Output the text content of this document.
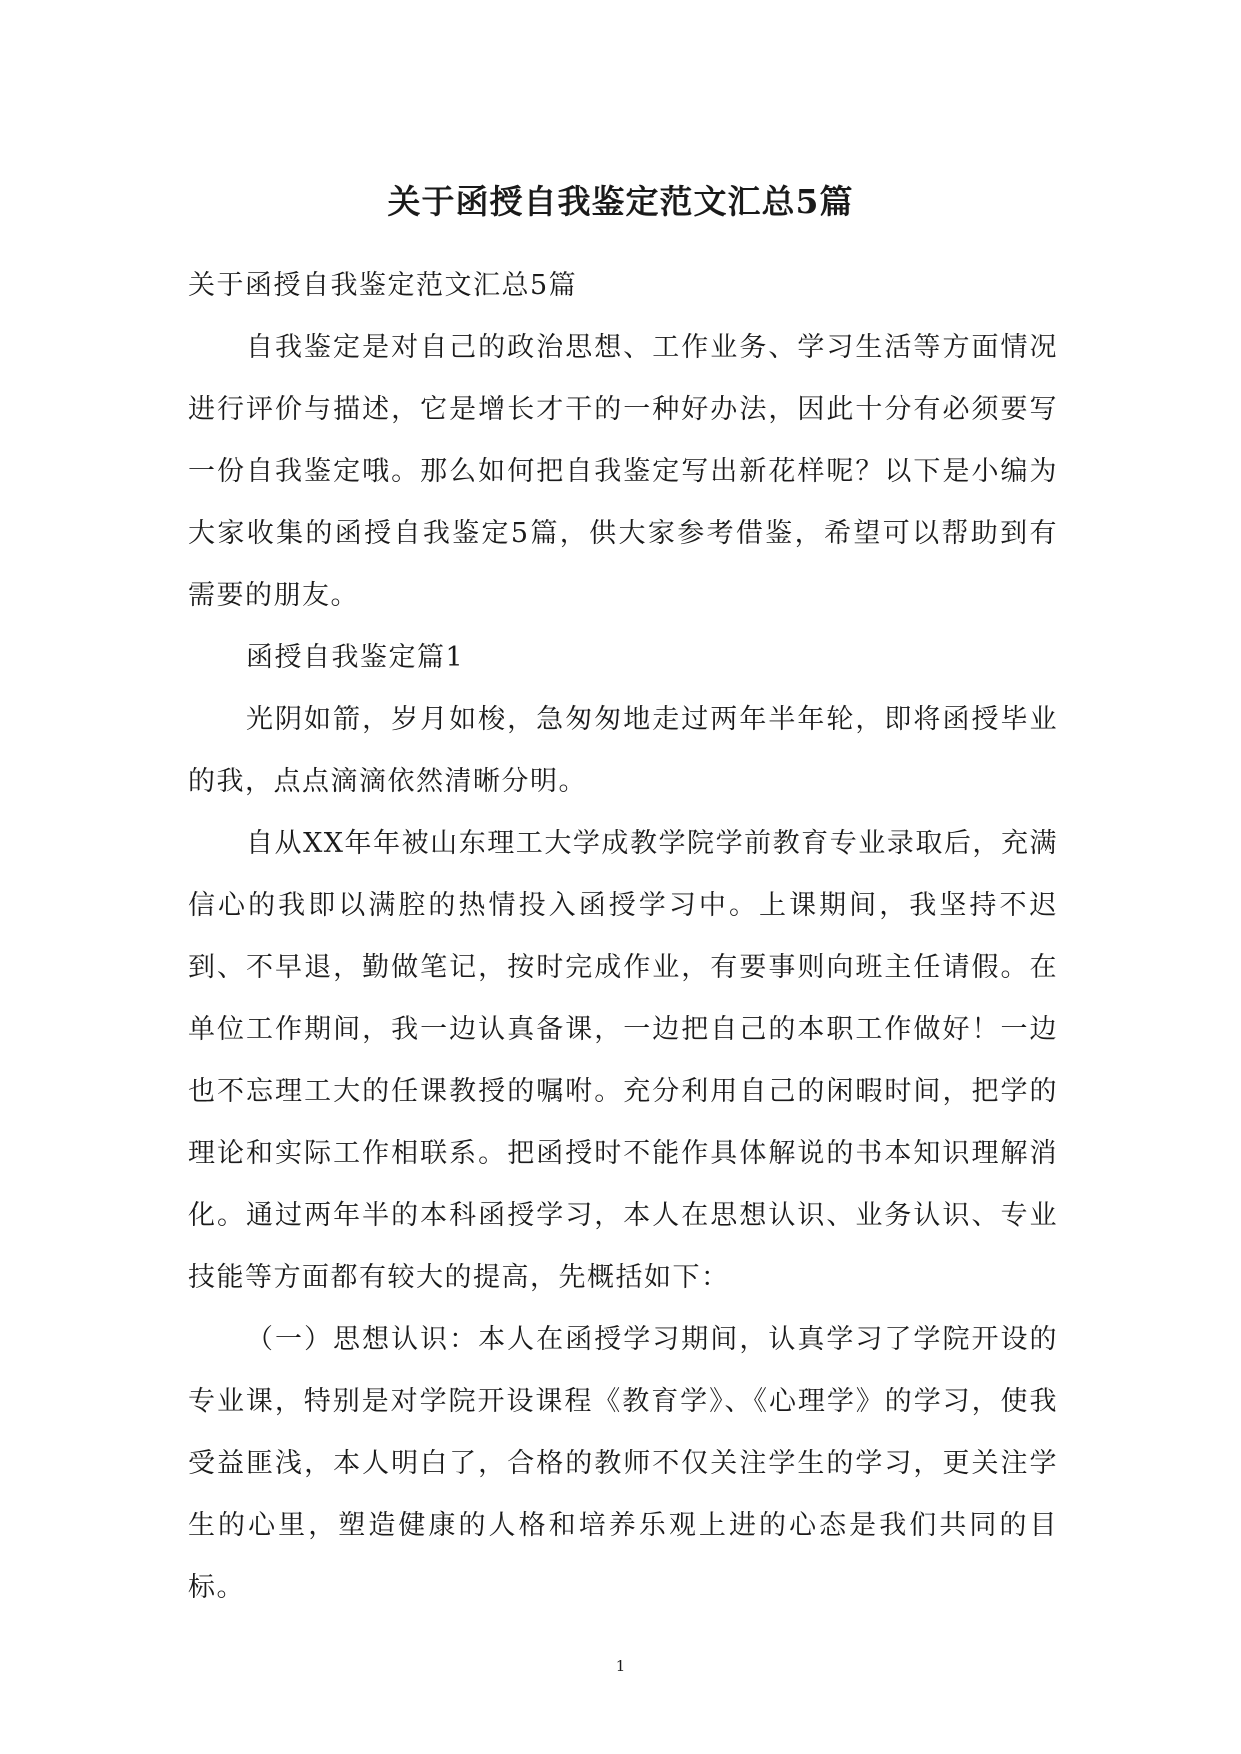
关于函授自我鉴定范文汇总5篇

关于函授自我鉴定范文汇总5篇

自我鉴定是对自己的政治思想、工作业务、学习生活等方面情况进行评价与描述，它是增长才干的一种好办法，因此十分有必须要写一份自我鉴定哦。那么如何把自我鉴定写出新花样呢？以下是小编为大家收集的函授自我鉴定5篇，供大家参考借鉴，希望可以帮助到有需要的朋友。

函授自我鉴定篇1

光阴如箭，岁月如梭，急匆匆地走过两年半年轮，即将函授毕业的我，点点滴滴依然清晰分明。

自从XX年年被山东理工大学成教学院学前教育专业录取后，充满信心的我即以满腔的热情投入函授学习中。上课期间，我坚持不迟到、不早退，勤做笔记，按时完成作业，有要事则向班主任请假。在单位工作期间，我一边认真备课，一边把自己的本职工作做好！一边也不忘理工大的任课教授的嘱咐。充分利用自己的闲暇时间，把学的理论和实际工作相联系。把函授时不能作具体解说的书本知识理解消化。通过两年半的本科函授学习，本人在思想认识、业务认识、专业技能等方面都有较大的提高，先概括如下：

（一）思想认识：本人在函授学习期间，认真学习了学院开设的专业课，特别是对学院开设课程《教育学》、《心理学》的学习，使我受益匪浅，本人明白了，合格的教师不仅关注学生的学习，更关注学生的心里，塑造健康的人格和培养乐观上进的心态是我们共同的目标。

1
